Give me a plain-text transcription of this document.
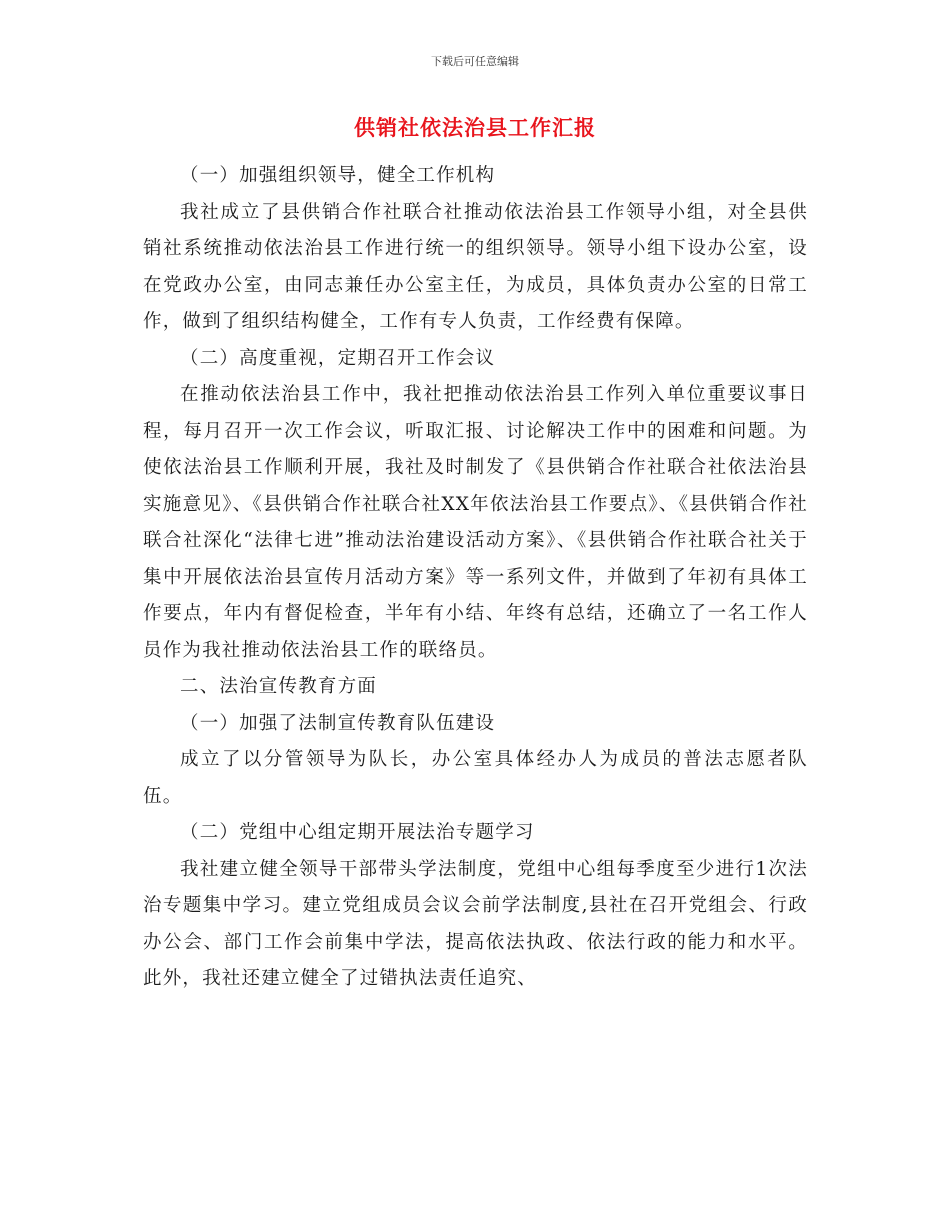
下载后可任意编辑
供销社依法治县工作汇报

（一）加强组织领导，健全工作机构

我社成立了县供销合作社联合社推动依法治县工作领导小组，对全县供销社系统推动依法治县工作进行统一的组织领导。领导小组下设办公室，设在党政办公室，由同志兼任办公室主任，为成员，具体负责办公室的日常工作，做到了组织结构健全，工作有专人负责，工作经费有保障。

（二）高度重视，定期召开工作会议

在推动依法治县工作中，我社把推动依法治县工作列入单位重要议事日程，每月召开一次工作会议，听取汇报、讨论解决工作中的困难和问题。为使依法治县工作顺利开展，我社及时制发了《县供销合作社联合社依法治县实施意见》、《县供销合作社联合社XX年依法治县工作要点》、《县供销合作社联合社深化“法律七进”推动法治建设活动方案》、《县供销合作社联合社关于集中开展依法治县宣传月活动方案》等一系列文件，并做到了年初有具体工作要点，年内有督促检查，半年有小结、年终有总结，还确立了一名工作人员作为我社推动依法治县工作的联络员。

二、法治宣传教育方面

（一）加强了法制宣传教育队伍建设

成立了以分管领导为队长，办公室具体经办人为成员的普法志愿者队伍。

（二）党组中心组定期开展法治专题学习

我社建立健全领导干部带头学法制度，党组中心组每季度至少进行1次法治专题集中学习。建立党组成员会议会前学法制度,县社在召开党组会、行政办公会、部门工作会前集中学法，提高依法执政、依法行政的能力和水平。此外，我社还建立健全了过错执法责任追究、
